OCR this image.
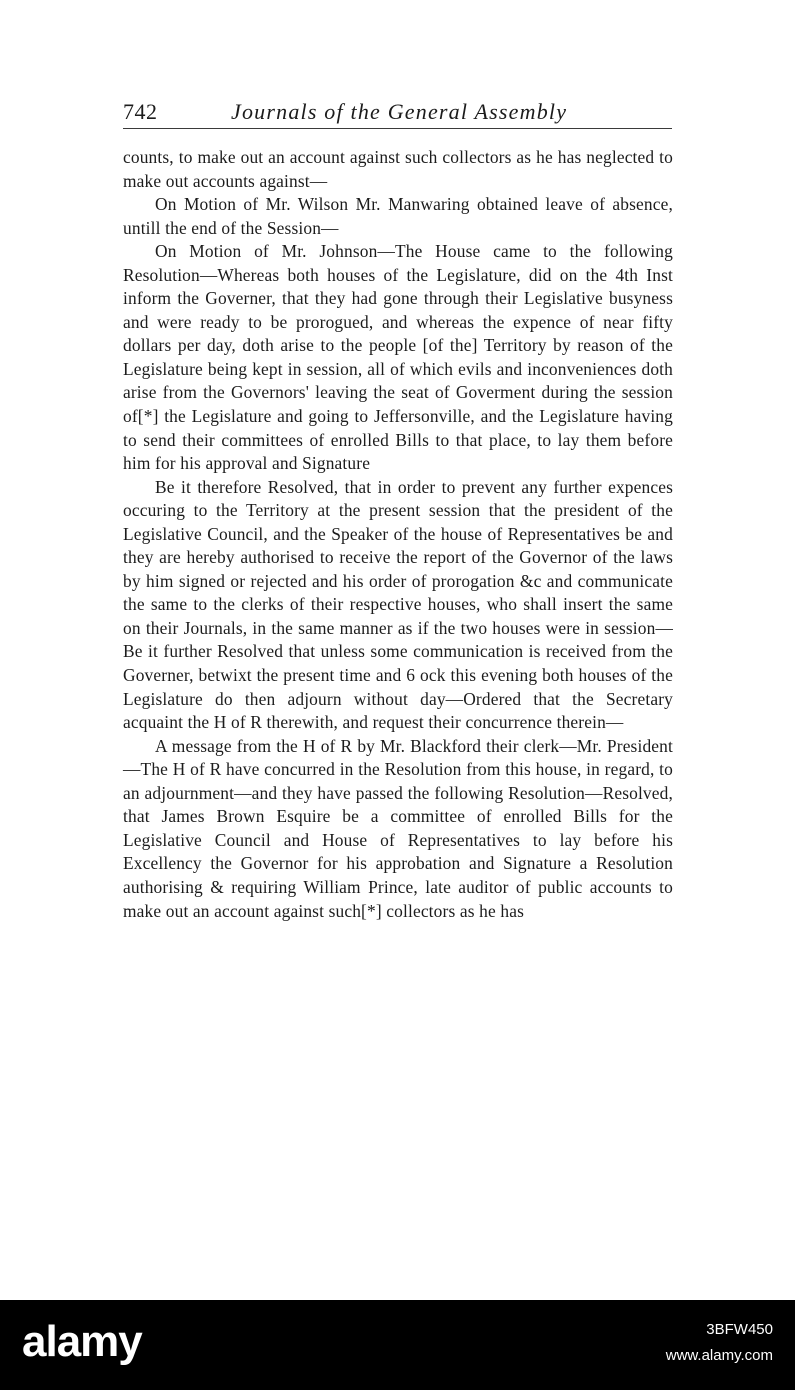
742	Journals of the General Assembly

counts, to make out an account against such collectors as he has neglected to make out accounts against—

On Motion of Mr. Wilson Mr. Manwaring obtained leave of absence, untill the end of the Session—

On Motion of Mr. Johnson—The House came to the following Resolution—Whereas both houses of the Legislature, did on the 4th Inst inform the Governer, that they had gone through their Legislative busyness and were ready to be prorogued, and whereas the expence of near fifty dollars per day, doth arise to the people [of the] Territory by reason of the Legislature being kept in session, all of which evils and inconveniences doth arise from the Governors' leaving the seat of Goverment during the session of[*] the Legislature and going to Jeffersonville, and the Legislature having to send their committees of enrolled Bills to that place, to lay them before him for his approval and Signature

Be it therefore Resolved, that in order to prevent any further expences occuring to the Territory at the present session that the president of the Legislative Council, and the Speaker of the house of Representatives be and they are hereby authorised to receive the report of the Governor of the laws by him signed or rejected and his order of prorogation &c and communicate the same to the clerks of their respective houses, who shall insert the same on their Journals, in the same manner as if the two houses were in session—Be it further Resolved that unless some communication is received from the Governer, betwixt the present time and 6 ock this evening both houses of the Legislature do then adjourn without day—Ordered that the Secretary acquaint the H of R therewith, and request their concurrence therein—

A message from the H of R by Mr. Blackford their clerk—Mr. President—The H of R have concurred in the Resolution from this house, in regard, to an adjournment—and they have passed the following Resolution—Resolved, that James Brown Esquire be a committee of enrolled Bills for the Legislative Council and House of Representatives to lay before his Excellency the Governor for his approbation and Signature a Resolution authorising & requiring William Prince, late auditor of public accounts to make out an account against such[*] collectors as he has

alamy	3BFW450
www.alamy.com
